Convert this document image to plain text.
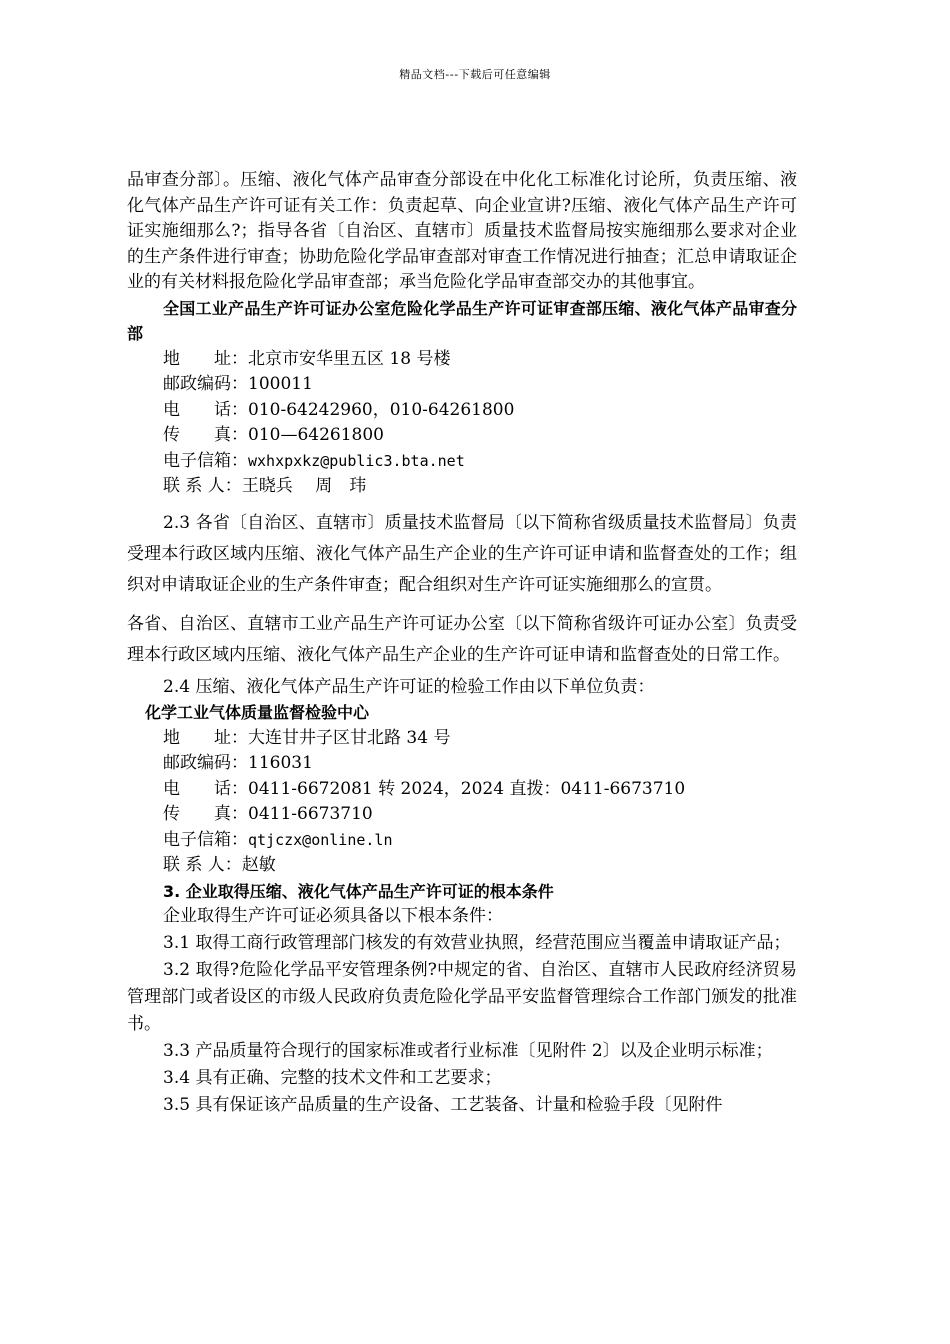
精品文档---下载后可任意编辑

品审查分部〕。压缩、液化气体产品审查分部设在中化化工标准化讨论所，负责压缩、液化气体产品生产许可证有关工作：负责起草、向企业宣讲?压缩、液化气体产品生产许可证实施细那么?；指导各省〔自治区、直辖市〕质量技术监督局按实施细那么要求对企业的生产条件进行审查；协助危险化学品审查部对审查工作情况进行抽查；汇总申请取证企业的有关材料报危险化学品审查部；承当危险化学品审查部交办的其他事宜。

全国工业产品生产许可证办公室危险化学品生产许可证审查部压缩、液化气体产品审查分部

地　　址：北京市安华里五区 18 号楼
邮政编码：100011
电　　话：010-64242960，010-64261800
传　　真：010—64261800
电子信箱：wxhxpxkz@public3.bta.net
联 系 人：王晓兵　 周　玮

2.3 各省〔自治区、直辖市〕质量技术监督局〔以下简称省级质量技术监督局〕负责受理本行政区域内压缩、液化气体产品生产企业的生产许可证申请和监督查处的工作；组织对申请取证企业的生产条件审查；配合组织对生产许可证实施细那么的宣贯。

各省、自治区、直辖市工业产品生产许可证办公室〔以下简称省级许可证办公室〕负责受理本行政区域内压缩、液化气体产品生产企业的生产许可证申请和监督查处的日常工作。

2.4 压缩、液化气体产品生产许可证的检验工作由以下单位负责：

化学工业气体质量监督检验中心

地　　址：大连甘井子区甘北路 34 号
邮政编码：116031
电　　话：0411-6672081 转 2024，2024 直拨：0411-6673710
传　　真：0411-6673710
电子信箱：qtjczx@online.ln
联 系 人：赵敏

3. 企业取得压缩、液化气体产品生产许可证的根本条件

企业取得生产许可证必须具备以下根本条件：

3.1 取得工商行政管理部门核发的有效营业执照，经营范围应当覆盖申请取证产品；

3.2 取得?危险化学品平安管理条例?中规定的省、自治区、直辖市人民政府经济贸易管理部门或者设区的市级人民政府负责危险化学品平安监督管理综合工作部门颁发的批准书。

3.3 产品质量符合现行的国家标准或者行业标准〔见附件 2〕以及企业明示标准；

3.4 具有正确、完整的技术文件和工艺要求；

3.5 具有保证该产品质量的生产设备、工艺装备、计量和检验手段〔见附件
